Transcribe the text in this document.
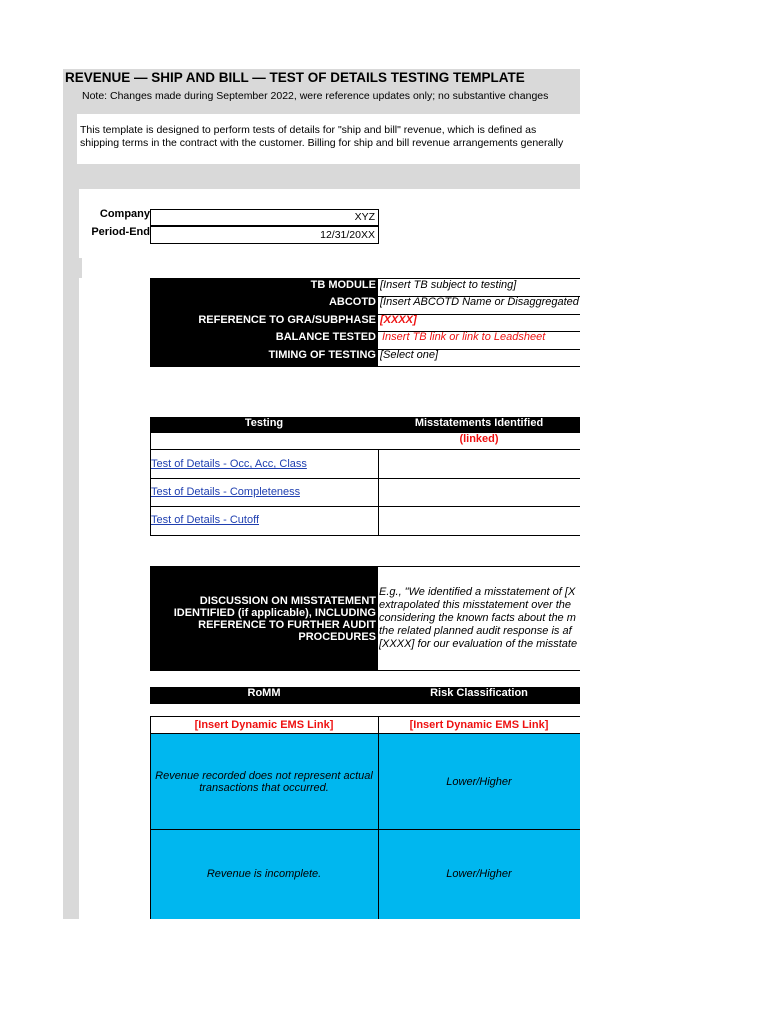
REVENUE — SHIP AND BILL — TEST OF DETAILS TESTING TEMPLATE
Note: Changes made during September 2022, were reference updates only; no substantive changes
This template is designed to perform tests of details for "ship and bill" revenue, which is defined as
shipping terms in the contract with the customer. Billing for ship and bill revenue arrangements generally
Company	XYZ
Period-End	12/31/20XX
TB MODULE [Insert TB subject to testing]
ABCOTD [Insert ABCOTD Name or Disaggregated
REFERENCE TO GRA/SUBPHASE [XXXX]
BALANCE TESTED Insert TB link or link to Leadsheet
TIMING OF TESTING [Select one]
Testing	Misstatements Identified
(linked)
Test of Details - Occ, Acc, Class
Test of Details - Completeness
Test of Details - Cutoff
DISCUSSION ON MISSTATEMENT
IDENTIFIED (if applicable), INCLUDING
REFERENCE TO FURTHER AUDIT
PROCEDURES
E.g., "We identified a misstatement of [X
extrapolated this misstatement over the
considering the known facts about the m
the related planned audit response is af
[XXXX] for our evaluation of the misstate
RoMM	Risk Classification
[Insert Dynamic EMS Link]	[Insert Dynamic EMS Link]
Revenue recorded does not represent actual
transactions that occurred.	Lower/Higher
Revenue is incomplete.	Lower/Higher
